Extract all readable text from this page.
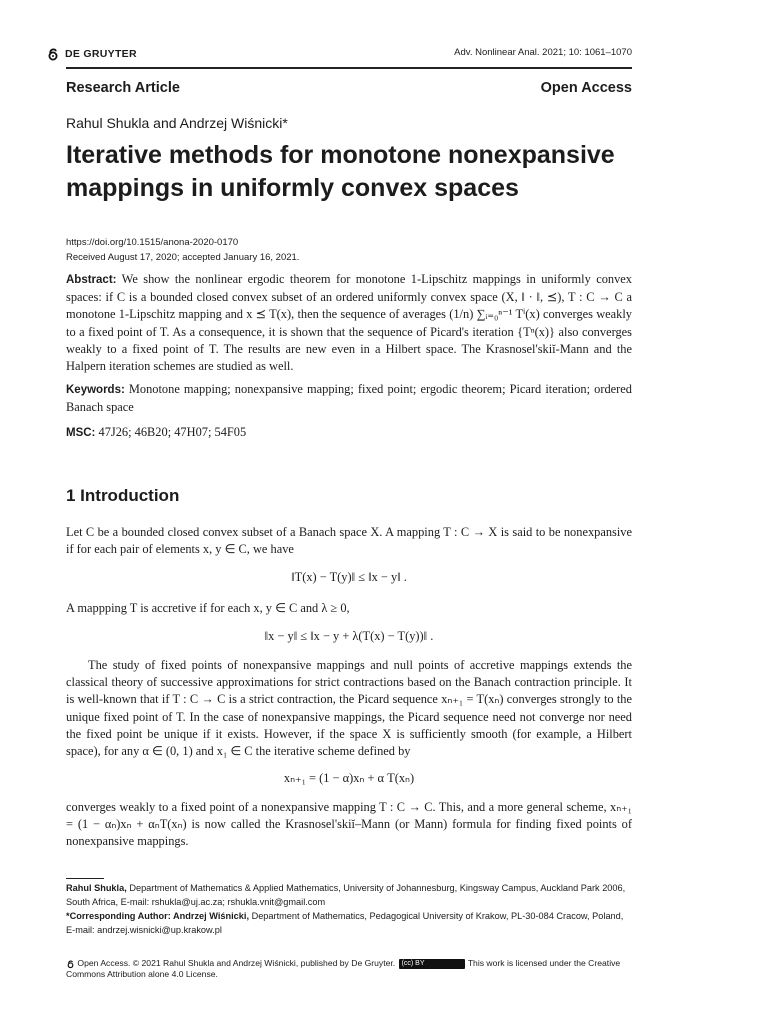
DE GRUYTER	Adv. Nonlinear Anal. 2021; 10: 1061–1070
Research Article	Open Access
Rahul Shukla and Andrzej Wiśnicki*
Iterative methods for monotone nonexpansive mappings in uniformly convex spaces
https://doi.org/10.1515/anona-2020-0170
Received August 17, 2020; accepted January 16, 2021.
Abstract: We show the nonlinear ergodic theorem for monotone 1-Lipschitz mappings in uniformly convex spaces: if C is a bounded closed convex subset of an ordered uniformly convex space (X, ‖ · ‖, ⪯), T : C → C a monotone 1-Lipschitz mapping and x ⪯ T(x), then the sequence of averages (1/n) ∑ᵢ₌₀ⁿ⁻¹ Tⁱ(x) converges weakly to a fixed point of T. As a consequence, it is shown that the sequence of Picard's iteration {Tⁿ(x)} also converges weakly to a fixed point of T. The results are new even in a Hilbert space. The Krasnosel'skiĭ-Mann and the Halpern iteration schemes are studied as well.
Keywords: Monotone mapping; nonexpansive mapping; fixed point; ergodic theorem; Picard iteration; ordered Banach space
MSC: 47J26; 46B20; 47H07; 54F05
1 Introduction
Let C be a bounded closed convex subset of a Banach space X. A mapping T : C → X is said to be nonexpansive if for each pair of elements x, y ∈ C, we have
‖T(x) − T(y)‖ ≤ ‖x − y‖ .
A mappping T is accretive if for each x, y ∈ C and λ ≥ 0,
‖x − y‖ ≤ ‖x − y + λ(T(x) − T(y))‖ .
The study of fixed points of nonexpansive mappings and null points of accretive mappings extends the classical theory of successive approximations for strict contractions based on the Banach contraction principle. It is well-known that if T : C → C is a strict contraction, the Picard sequence xₙ₊₁ = T(xₙ) converges strongly to the unique fixed point of T. In the case of nonexpansive mappings, the Picard sequence need not converge nor need the fixed point be unique if it exists. However, if the space X is sufficiently smooth (for example, a Hilbert space), for any α ∈ (0, 1) and x₁ ∈ C the iterative scheme defined by
xₙ₊₁ = (1 − α)xₙ + α T(xₙ)
converges weakly to a fixed point of a nonexpansive mapping T : C → C. This, and a more general scheme, xₙ₊₁ = (1 − αₙ)xₙ + αₙT(xₙ) is now called the Krasnosel'skiĭ–Mann (or Mann) formula for finding fixed points of nonexpansive mappings.
Rahul Shukla, Department of Mathematics & Applied Mathematics, University of Johannesburg, Kingsway Campus, Auckland Park 2006, South Africa, E-mail: rshukla@uj.ac.za; rshukla.vnit@gmail.com
*Corresponding Author: Andrzej Wiśnicki, Department of Mathematics, Pedagogical University of Krakow, PL-30-084 Cracow, Poland, E-mail: andrzej.wisnicki@up.krakow.pl
Open Access. © 2021 Rahul Shukla and Andrzej Wiśnicki, published by De Gruyter. (cc) BY	This work is licensed under the Creative Commons Attribution alone 4.0 License.
